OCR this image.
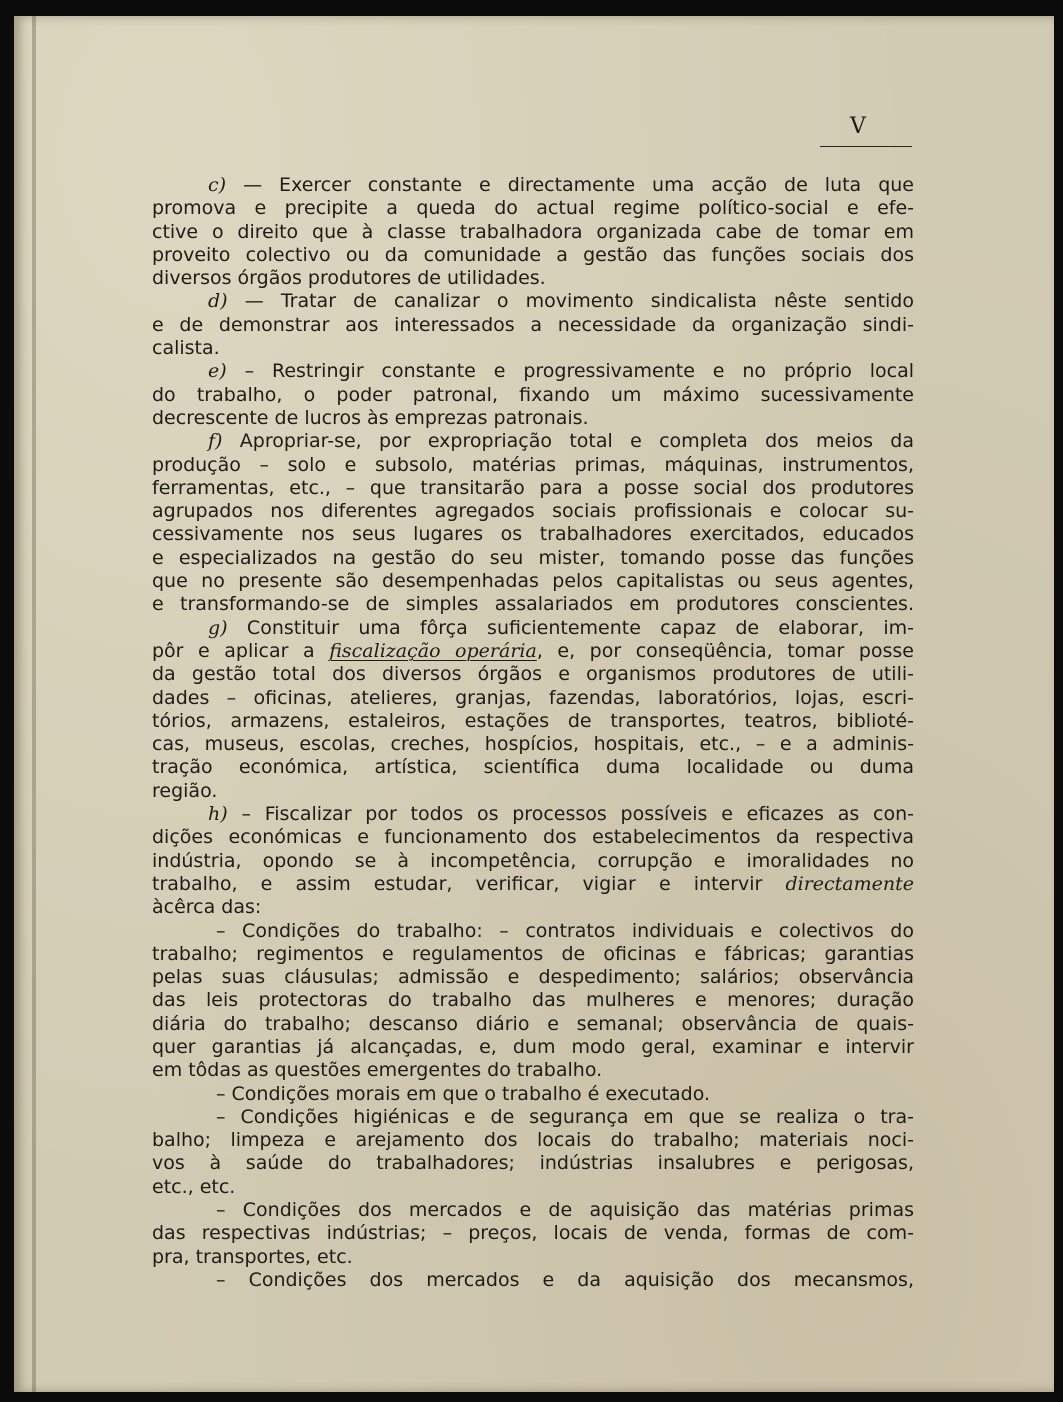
V
c) — Exercer constante e directamente uma acção de luta que
promova e precipite a queda do actual regime político-social e efe-
ctive o direito que à classe trabalhadora organizada cabe de tomar em
proveito colectivo ou da comunidade a gestão das funções sociais dos
diversos órgãos produtores de utilidades.
d) — Tratar de canalizar o movimento sindicalista nêste sentido
e de demonstrar aos interessados a necessidade da organização sindi-
calista.
e) – Restringir constante e progressivamente e no próprio local
do trabalho, o poder patronal, fixando um máximo sucessivamente
decrescente de lucros às emprezas patronais.
f) Apropriar-se, por expropriação total e completa dos meios da
produção – solo e subsolo, matérias primas, máquinas, instrumentos,
ferramentas, etc., – que transitarão para a posse social dos produtores
agrupados nos diferentes agregados sociais profissionais e colocar su-
cessivamente nos seus lugares os trabalhadores exercitados, educados
e especializados na gestão do seu mister, tomando posse das funções
que no presente são desempenhadas pelos capitalistas ou seus agentes,
e transformando-se de simples assalariados em produtores conscientes.
g) Constituir uma fôrça suficientemente capaz de elaborar, im-
pôr e aplicar a fiscalização operária, e, por conseqüência, tomar posse
da gestão total dos diversos órgãos e organismos produtores de utili-
dades – oficinas, atelieres, granjas, fazendas, laboratórios, lojas, escri-
tórios, armazens, estaleiros, estações de transportes, teatros, biblioté-
cas, museus, escolas, creches, hospícios, hospitais, etc., – e a adminis-
tração económica, artística, scientífica duma localidade ou duma
região.
h) – Fiscalizar por todos os processos possíveis e eficazes as con-
dições económicas e funcionamento dos estabelecimentos da respectiva
indústria, opondo se à incompetência, corrupção e imoralidades no
trabalho, e assim estudar, verificar, vigiar e intervir directamente
àcêrca das:
– Condições do trabalho: – contratos individuais e colectivos do
trabalho; regimentos e regulamentos de oficinas e fábricas; garantias
pelas suas cláusulas; admissão e despedimento; salários; observância
das leis protectoras do trabalho das mulheres e menores; duração
diária do trabalho; descanso diário e semanal; observância de quais-
quer garantias já alcançadas, e, dum modo geral, examinar e intervir
em tôdas as questões emergentes do trabalho.
– Condições morais em que o trabalho é executado.
– Condições higiénicas e de segurança em que se realiza o tra-
balho; limpeza e arejamento dos locais do trabalho; materiais noci-
vos à saúde do trabalhadores; indústrias insalubres e perigosas,
etc., etc.
– Condições dos mercados e de aquisição das matérias primas
das respectivas indústrias; – preços, locais de venda, formas de com-
pra, transportes, etc.
– Condições dos mercados e da aquisição dos mecansmos,
